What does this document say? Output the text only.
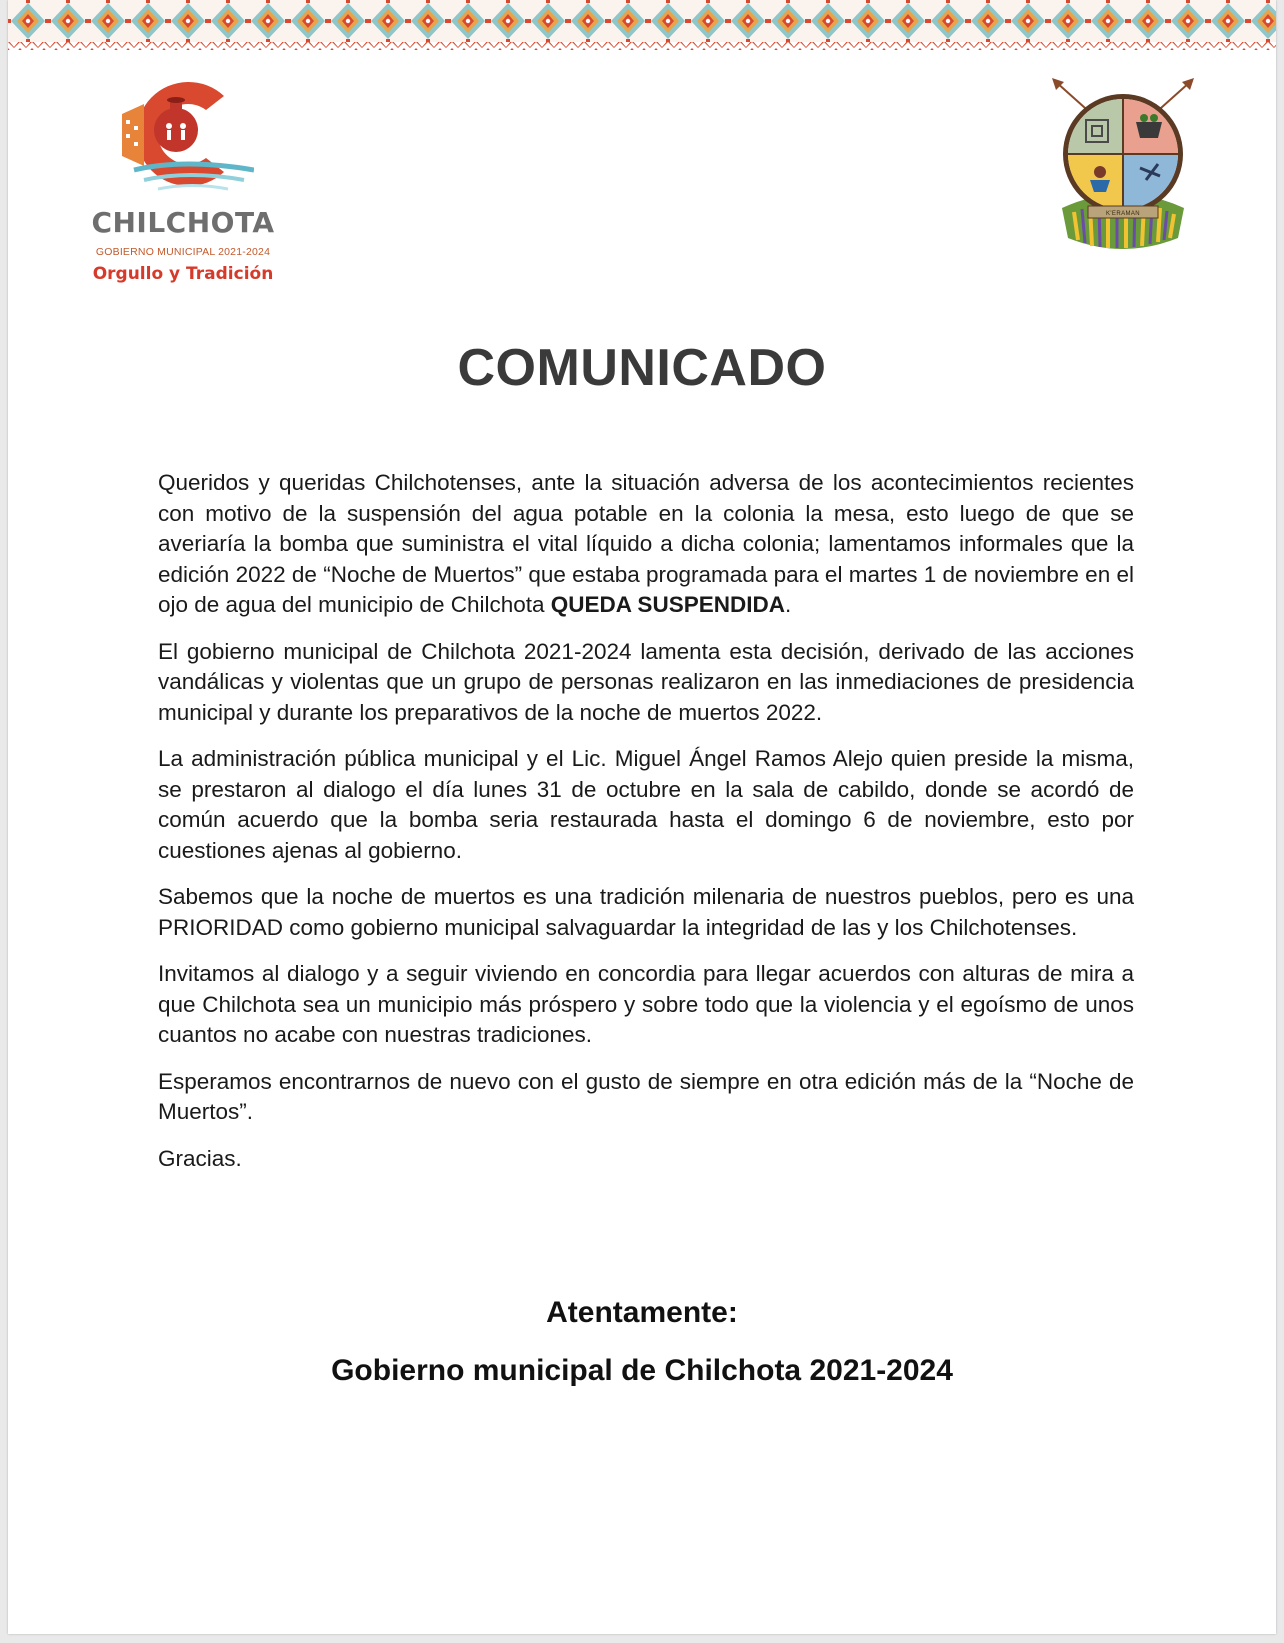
CHILCHOTA
GOBIERNO MUNICIPAL 2021-2024
Orgullo y Tradición
K'ERAMAN
COMUNICADO

Queridos y queridas Chilchotenses, ante la situación adversa de los acontecimientos recientes con motivo de la suspensión del agua potable en la colonia la mesa, esto luego de que se averiaría la bomba que suministra el vital líquido a dicha colonia; lamentamos informales que la edición 2022 de “Noche de Muertos” que estaba programada para el martes 1 de noviembre en el ojo de agua del municipio de Chilchota QUEDA SUSPENDIDA.

El gobierno municipal de Chilchota 2021-2024 lamenta esta decisión, derivado de las acciones vandálicas y violentas que un grupo de personas realizaron en las inmediaciones de presidencia municipal y durante los preparativos de la noche de muertos 2022.

La administración pública municipal y el Lic. Miguel Ángel Ramos Alejo quien preside la misma, se prestaron al dialogo el día lunes 31 de octubre en la sala de cabildo, donde se acordó de común acuerdo que la bomba seria restaurada hasta el domingo 6 de noviembre, esto por cuestiones ajenas al gobierno.

Sabemos que la noche de muertos es una tradición milenaria de nuestros pueblos, pero es una PRIORIDAD como gobierno municipal salvaguardar la integridad de las y los Chilchotenses.

Invitamos al dialogo y a seguir viviendo en concordia para llegar acuerdos con alturas de mira a que Chilchota sea un municipio más próspero y sobre todo que la violencia y el egoísmo de unos cuantos no acabe con nuestras tradiciones.

Esperamos encontrarnos de nuevo con el gusto de siempre en otra edición más de la “Noche de Muertos”.

Gracias.

Atentamente:
Gobierno municipal de Chilchota 2021-2024
